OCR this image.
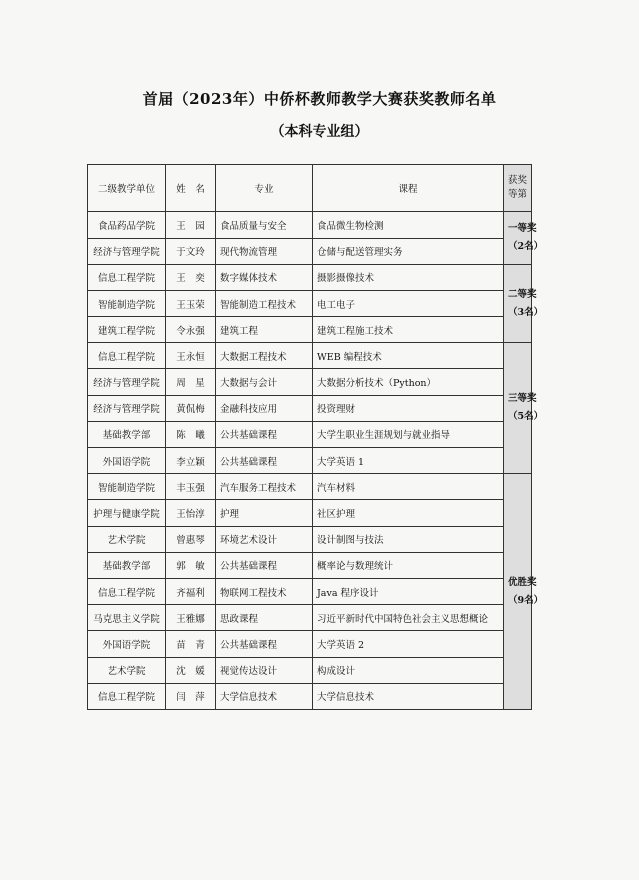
首届（2023年）中侨杯教师教学大赛获奖教师名单
（本科专业组）
二级教学单位	姓　名	专业	课程	获奖
等第

食品药品学院	王　园	食品质量与安全	食品微生物检测	一等奖
（2名）

经济与管理学院	于文玲	现代物流管理	仓储与配送管理实务	
信息工程学院	王　奕	数字媒体技术	摄影摄像技术	二等奖
（3名）

智能制造学院	王玉荣	智能制造工程技术	电工电子	
建筑工程学院	令永强	建筑工程	建筑工程施工技术	
信息工程学院	王永恒	大数据工程技术	WEB 编程技术	三等奖
（5名）

经济与管理学院	周　星	大数据与会计	大数据分析技术（Python）	
经济与管理学院	黄侃梅	金融科技应用	投资理财	
基础教学部	陈　曦	公共基础课程	大学生职业生涯规划与就业指导	
外国语学院	李立颖	公共基础课程	大学英语 1	
智能制造学院	丰玉强	汽车服务工程技术	汽车材料	优胜奖
（9名）

护理与健康学院	王怡淳	护理	社区护理	
艺术学院	曾惠琴	环境艺术设计	设计制图与技法	
基础教学部	郭　敏	公共基础课程	概率论与数理统计	
信息工程学院	齐福利	物联网工程技术	Java 程序设计	
马克思主义学院	王雅娜	思政课程	习近平新时代中国特色社会主义思想概论	
外国语学院	苗　青	公共基础课程	大学英语 2	
艺术学院	沈　媛	视觉传达设计	构成设计	
信息工程学院	闫　萍	大学信息技术	大学信息技术	
